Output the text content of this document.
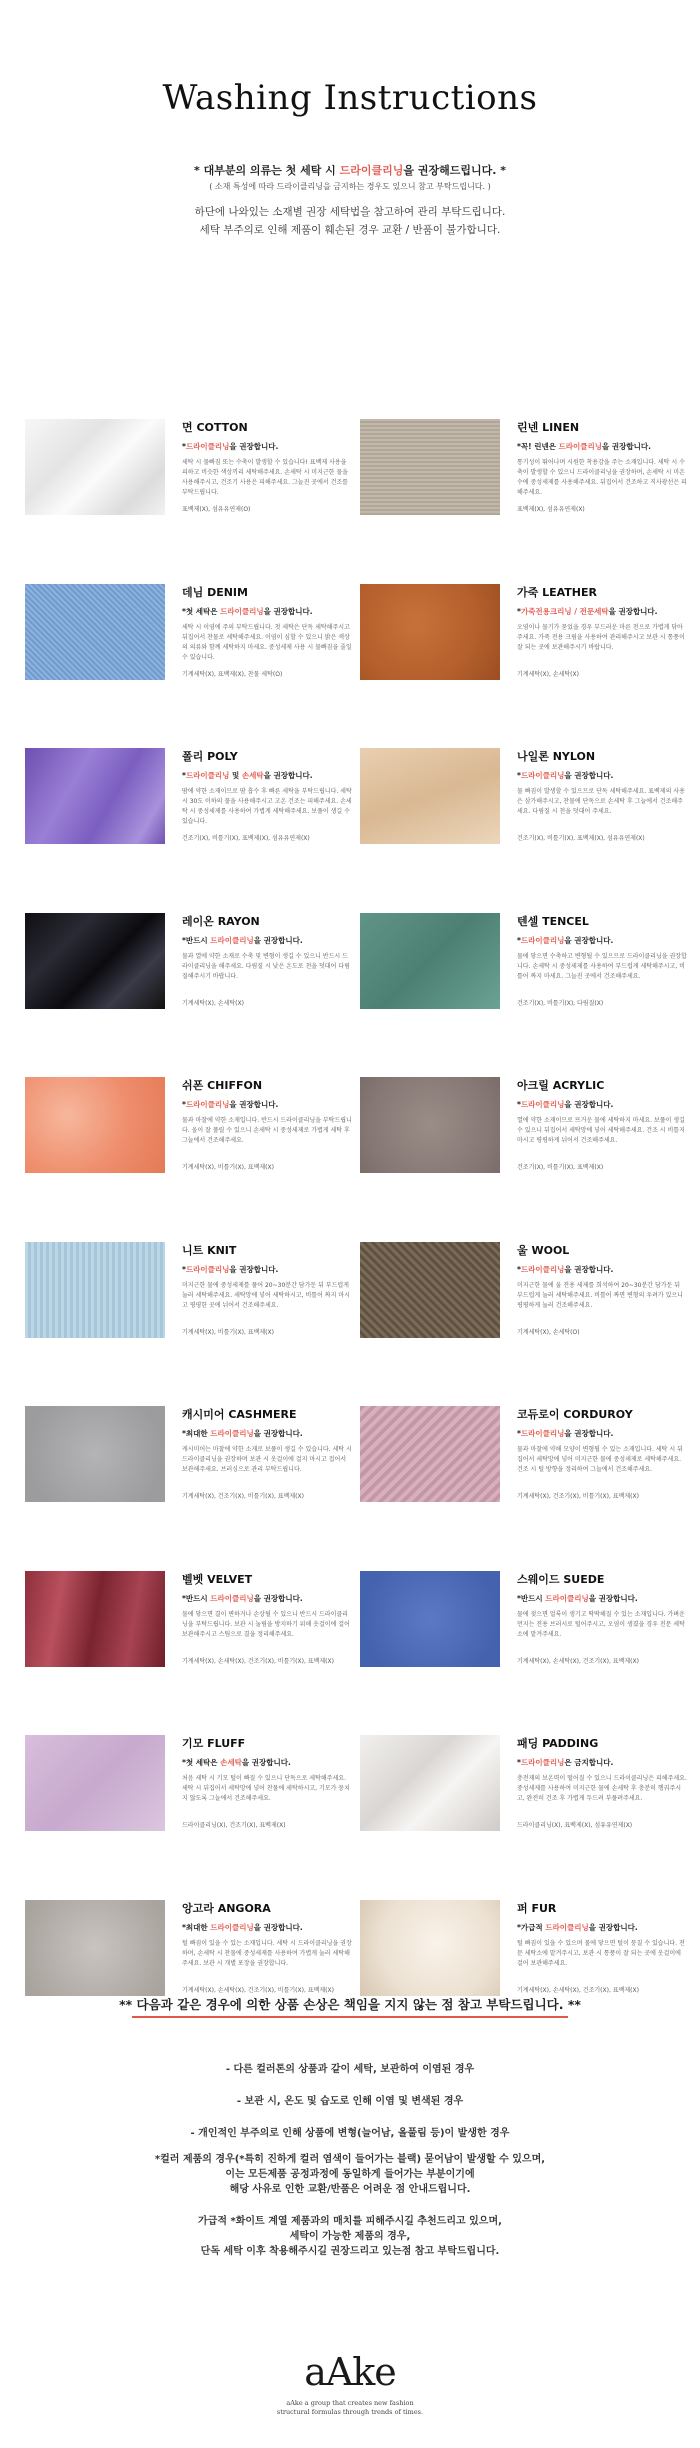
Washing Instructions
* 대부분의 의류는 첫 세탁 시 드라이클리닝을 권장해드립니다. *
( 소재 특성에 따라 드라이클리닝을 금지하는 경우도 있으니 참고 부탁드립니다. )
하단에 나와있는 소재별 권장 세탁법을 참고하여 관리 부탁드립니다.
세탁 부주의로 인해 제품이 훼손된 경우 교환 / 반품이 불가합니다.
면 COTTON
*드라이클리닝을 권장합니다.
세탁 시 물빠짐 또는 수축이 발생할 수 있습니다! 표백제 사용을 피하고 비슷한 색상끼리 세탁해주세요. 손세탁 시 미지근한 물을 사용해주시고, 건조기 사용은 피해주세요. 그늘진 곳에서 건조를 부탁드립니다.
표백제(X), 섬유유연제(O)
린넨 LINEN
*꼭! 린넨은 드라이클리닝을 권장합니다.
통기성이 뛰어나며 시원한 착용감을 주는 소재입니다. 세탁 시 수축이 발생할 수 있으니 드라이클리닝을 권장하며, 손세탁 시 미온수에 중성세제를 사용해주세요. 뒤집어서 건조하고 직사광선은 피해주세요.
표백제(X), 섬유유연제(X)
데님 DENIM
*첫 세탁은 드라이클리닝을 권장합니다.
세탁 시 이염에 주의 부탁드립니다. 첫 세탁은 단독 세탁해주시고 뒤집어서 찬물로 세탁해주세요. 이염이 심할 수 있으니 밝은 색상의 의류와 함께 세탁하지 마세요. 중성세제 사용 시 물빠짐을 줄일 수 있습니다.
기계세탁(X), 표백제(X), 찬물 세탁(O)
가죽 LEATHER
*가죽전용크리닝 / 전문세탁을 권장합니다.
오염이나 물기가 묻었을 경우 부드러운 마른 천으로 가볍게 닦아주세요. 가죽 전용 크림을 사용하여 관리해주시고 보관 시 통풍이 잘 되는 곳에 보관해주시기 바랍니다.
기계세탁(X), 손세탁(X)
폴리 POLY
*드라이클리닝 및 손세탁을 권장합니다.
땀에 약한 소재이므로 땀 흡수 후 빠른 세탁을 부탁드립니다. 세탁 시 30도 이하의 물을 사용해주시고 고온 건조는 피해주세요. 손세탁 시 중성세제를 사용하여 가볍게 세탁해주세요. 보풀이 생길 수 있습니다.
건조기(X), 비틀기(X), 표백제(X), 섬유유연제(X)
나일론 NYLON
*드라이클리닝을 권장합니다.
물 빠짐이 발생할 수 있으므로 단독 세탁해주세요. 표백제의 사용은 삼가해주시고, 찬물에 단독으로 손세탁 후 그늘에서 건조해주세요. 다림질 시 천을 덧대어 주세요.
건조기(X), 비틀기(X), 표백제(X), 섬유유연제(X)
레이온 RAYON
*반드시 드라이클리닝을 권장합니다.
물과 열에 약한 소재로 수축 및 변형이 생길 수 있으니 반드시 드라이클리닝을 해주세요. 다림질 시 낮은 온도로 천을 덧대어 다림질해주시기 바랍니다.
기계세탁(X), 손세탁(X)
텐셀 TENCEL
*드라이클리닝을 권장합니다.
물에 닿으면 수축하고 변형될 수 있으므로 드라이클리닝을 권장합니다. 손세탁 시 중성세제를 사용하여 부드럽게 세탁해주시고, 비틀어 짜지 마세요. 그늘진 곳에서 건조해주세요.
건조기(X), 비틀기(X), 다림질(X)
쉬폰 CHIFFON
*드라이클리닝을 권장합니다.
물과 마찰에 약한 소재입니다. 반드시 드라이클리닝을 부탁드립니다. 올이 잘 풀릴 수 있으니 손세탁 시 중성세제로 가볍게 세탁 후 그늘에서 건조해주세요.
기계세탁(X), 비틀기(X), 표백제(X)
아크릴 ACRYLIC
*드라이클리닝을 권장합니다.
열에 약한 소재이므로 뜨거운 물에 세탁하지 마세요. 보풀이 생길 수 있으니 뒤집어서 세탁망에 넣어 세탁해주세요. 건조 시 비틀지 마시고 평평하게 뉘어서 건조해주세요.
건조기(X), 비틀기(X), 표백제(X)
니트 KNIT
*드라이클리닝을 권장합니다.
미지근한 물에 중성세제를 풀어 20~30분간 담가둔 뒤 부드럽게 눌러 세탁해주세요. 세탁망에 넣어 세탁하시고, 비틀어 짜지 마시고 평평한 곳에 뉘어서 건조해주세요.
기계세탁(X), 비틀기(X), 표백제(X)
울 WOOL
*드라이클리닝을 권장합니다.
미지근한 물에 울 전용 세제를 희석하여 20~30분간 담가둔 뒤 부드럽게 눌러 세탁해주세요. 비틀어 짜면 변형의 우려가 있으니 평평하게 눌러 건조해주세요.
기계세탁(X), 손세탁(O)
캐시미어 CASHMERE
*최대한 드라이클리닝을 권장합니다.
캐시미어는 마찰에 약한 소재로 보풀이 생길 수 있습니다. 세탁 시 드라이클리닝을 권장하며 보관 시 옷걸이에 걸지 마시고 접어서 보관해주세요. 브러싱으로 관리 부탁드립니다.
기계세탁(X), 건조기(X), 비틀기(X), 표백제(X)
코듀로이 CORDUROY
*드라이클리닝을 권장합니다.
물과 마찰에 약해 모양이 변형될 수 있는 소재입니다. 세탁 시 뒤집어서 세탁망에 넣어 미지근한 물에 중성세제로 세탁해주세요. 건조 시 털 방향을 정리하여 그늘에서 건조해주세요.
기계세탁(X), 건조기(X), 비틀기(X), 표백제(X)
벨벳 VELVET
*반드시 드라이클리닝을 권장합니다.
물에 닿으면 결이 변하거나 손상될 수 있으니 반드시 드라이클리닝을 부탁드립니다. 보관 시 눌림을 방지하기 위해 옷걸이에 걸어 보관해주시고 스팀으로 결을 정리해주세요.
기계세탁(X), 손세탁(X), 건조기(X), 비틀기(X), 표백제(X)
스웨이드 SUEDE
*반드시 드라이클리닝을 권장합니다.
물에 젖으면 얼룩이 생기고 딱딱해질 수 있는 소재입니다. 가벼운 먼지는 전용 브러시로 털어주시고, 오염이 생겼을 경우 전문 세탁소에 맡겨주세요.
기계세탁(X), 손세탁(X), 건조기(X), 표백제(X)
기모 FLUFF
*첫 세탁은 손세탁을 권장합니다.
처음 세탁 시 기모 털이 빠질 수 있으니 단독으로 세탁해주세요. 세탁 시 뒤집어서 세탁망에 넣어 찬물에 세탁하시고, 기모가 뭉치지 않도록 그늘에서 건조해주세요.
드라이클리닝(X), 건조기(X), 표백제(X)
패딩 PADDING
*드라이클리닝은 금지합니다.
충전재의 보온력이 떨어질 수 있으니 드라이클리닝은 피해주세요. 중성세제를 사용하여 미지근한 물에 손세탁 후 충분히 헹궈주시고, 완전히 건조 후 가볍게 두드려 부풀려주세요.
드라이클리닝(X), 표백제(X), 섬유유연제(X)
앙고라 ANGORA
*최대한 드라이클리닝을 권장합니다.
털 빠짐이 있을 수 있는 소재입니다. 세탁 시 드라이클리닝을 권장하며, 손세탁 시 찬물에 중성세제를 사용하여 가볍게 눌러 세탁해주세요. 보관 시 개별 포장을 권장합니다.
기계세탁(X), 손세탁(X), 건조기(X), 비틀기(X), 표백제(X)
퍼 FUR
*가급적 드라이클리닝을 권장합니다.
털 빠짐이 있을 수 있으며 물에 닿으면 털이 뭉칠 수 있습니다. 전문 세탁소에 맡겨주시고, 보관 시 통풍이 잘 되는 곳에 옷걸이에 걸어 보관해주세요.
기계세탁(X), 손세탁(X), 건조기(X), 표백제(X)
** 다음과 같은 경우에 의한 상품 손상은 책임을 지지 않는 점 참고 부탁드립니다. **
- 다른 컬러톤의 상품과 같이 세탁, 보관하여 이염된 경우
- 보관 시, 온도 및 습도로 인해 이염 및 변색된 경우
- 개인적인 부주의로 인해 상품에 변형(늘어남, 올풀림 등)이 발생한 경우
*컬러 제품의 경우(*특히 진하게 컬러 염색이 들어가는 블랙) 묻어남이 발생할 수 있으며,
이는 모든제품 공정과정에 동일하게 들어가는 부분이기에
해당 사유로 인한 교환/반품은 어려운 점 안내드립니다.
가급적 *화이트 계열 제품과의 매치를 피해주시길 추천드리고 있으며,
세탁이 가능한 제품의 경우,
단독 세탁 이후 착용해주시길 권장드리고 있는점 참고 부탁드립니다.
aAke
aAke a group that creates new fashion
structural formulas through trends of times.
